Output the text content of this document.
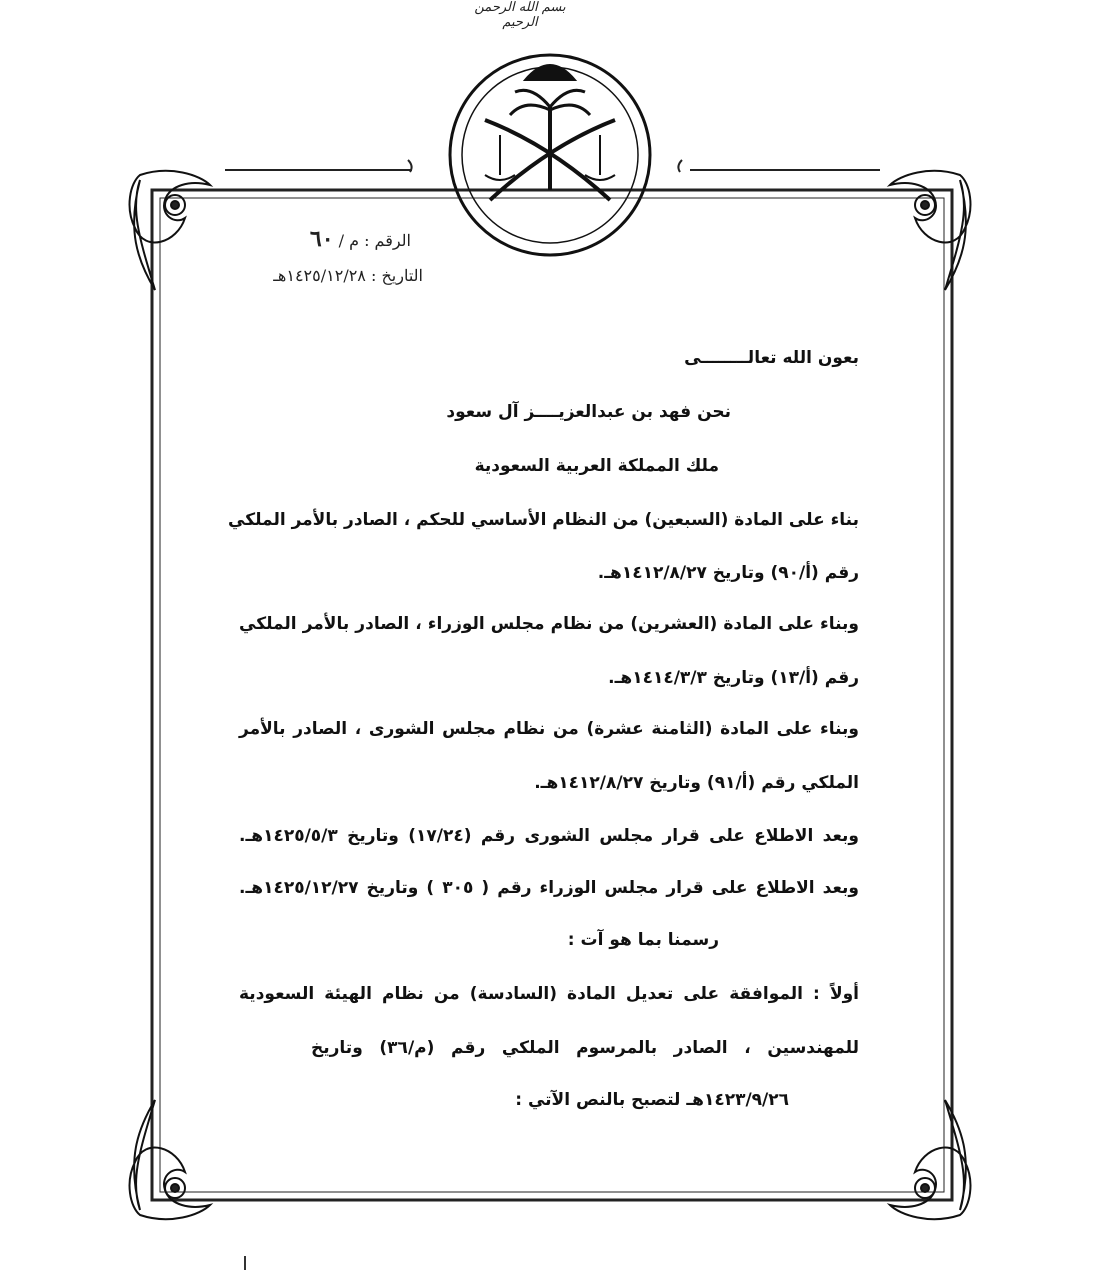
بسم الله الرحمن الرحيم
الرقم : م / ٦٠
التاريخ : ١٤٢٥/١٢/٢٨هـ
بعون الله تعالــــــــى
نحن فهد بن عبدالعزيــــز آل سعود
ملك المملكة العربية السعودية
بناء على المادة (السبعين) من النظام الأساسي للحكم ، الصادر بالأمر الملكي
رقم (أ/٩٠) وتاريخ ١٤١٢/٨/٢٧هـ.
وبناء على المادة (العشرين) من نظام مجلس الوزراء ، الصادر بالأمر الملكي
رقم (أ/١٣) وتاريخ ١٤١٤/٣/٣هـ.
وبناء على المادة (الثامنة عشرة) من نظام مجلس الشورى ، الصادر بالأمر
الملكي رقم (أ/٩١) وتاريخ ١٤١٢/٨/٢٧هـ.
وبعد الاطلاع على قرار مجلس الشورى رقم (١٧/٢٤) وتاريخ ١٤٢٥/٥/٣هـ.
وبعد الاطلاع على قرار مجلس الوزراء رقم ( ٣٠٥ ) وتاريخ ١٤٢٥/١٢/٢٧هـ.
رسمنا بما هو آت :
أولاً : الموافقة على تعديل المادة (السادسة) من نظام الهيئة السعودية
للمهندسين ، الصادر بالمرسوم الملكي رقم (م/٣٦) وتاريخ
١٤٢٣/٩/٢٦هـ لتصبح بالنص الآتي :
